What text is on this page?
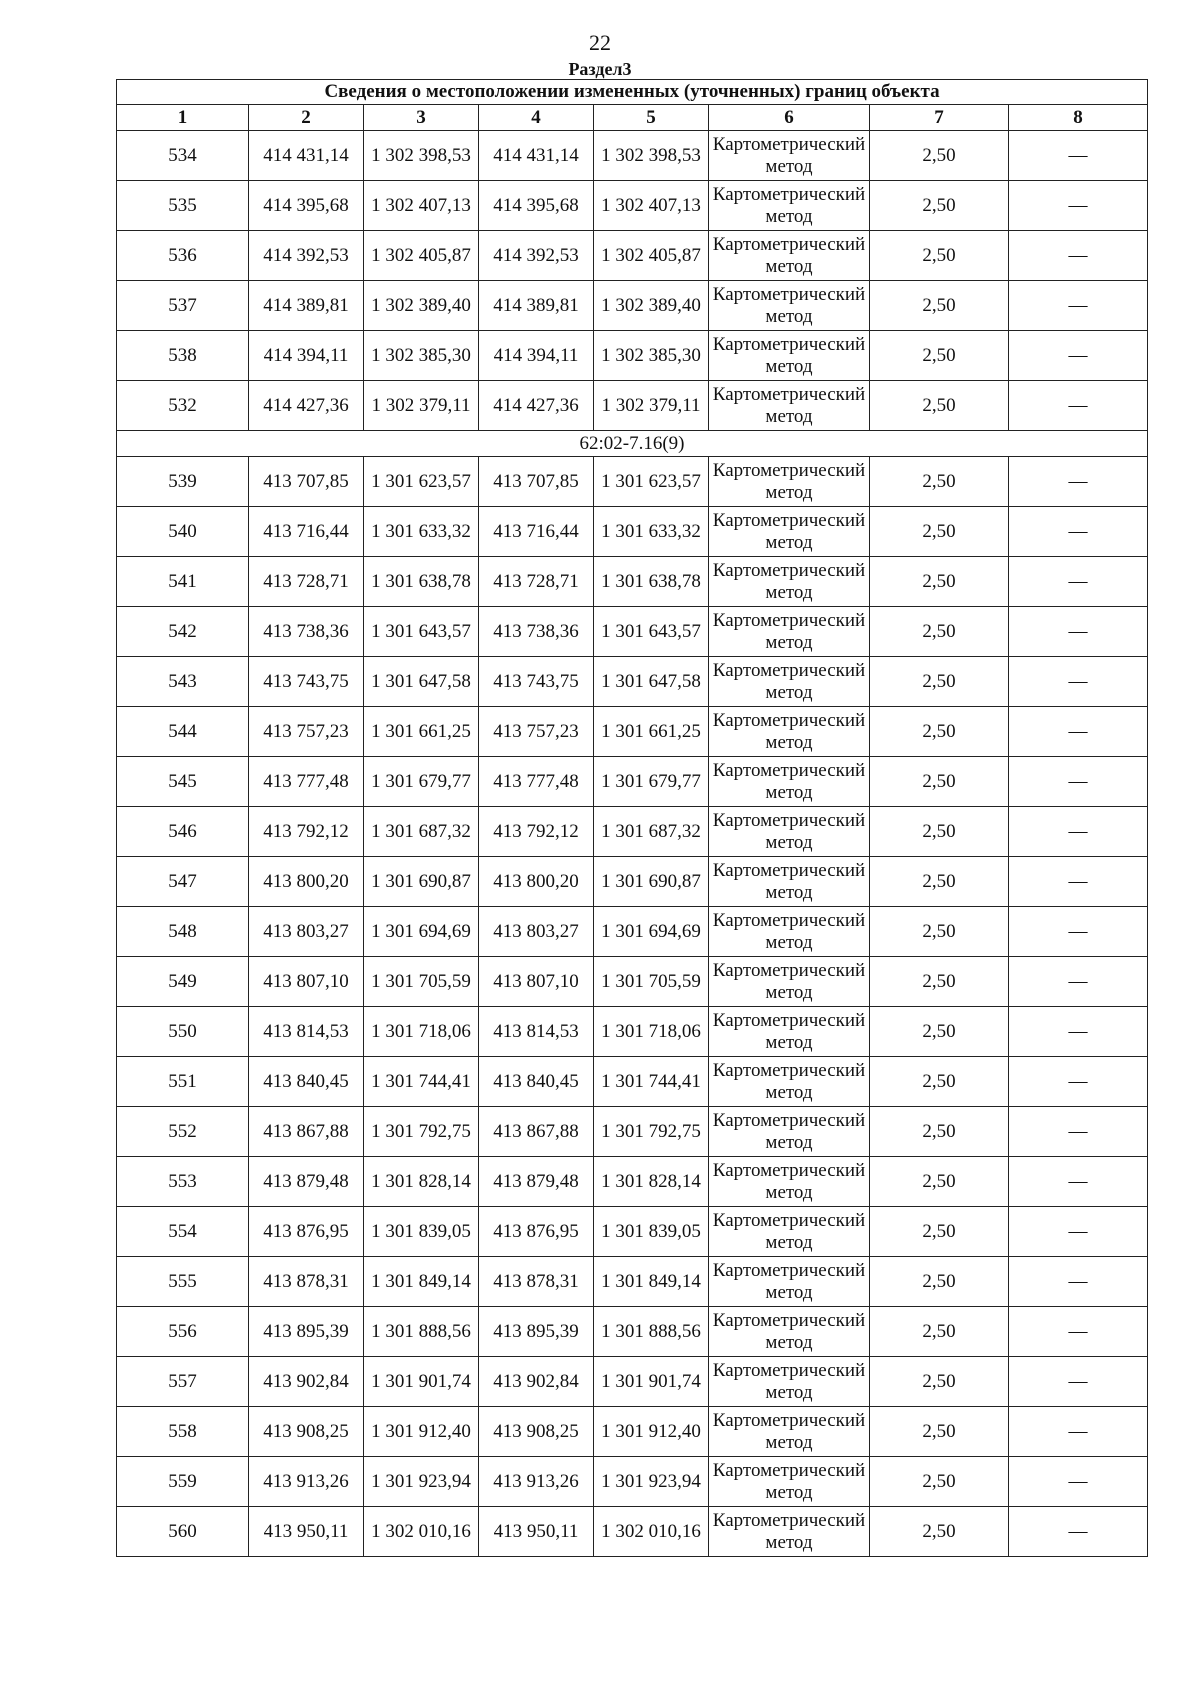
22
Раздел3
Сведения о местоположении измененных (уточненных) границ объекта							
1	2	3	4	5	6	7	8
534	414 431,14	1 302 398,53	414 431,14	1 302 398,53	Картометрический метод	2,50	—
535	414 395,68	1 302 407,13	414 395,68	1 302 407,13	Картометрический метод	2,50	—
536	414 392,53	1 302 405,87	414 392,53	1 302 405,87	Картометрический метод	2,50	—
537	414 389,81	1 302 389,40	414 389,81	1 302 389,40	Картометрический метод	2,50	—
538	414 394,11	1 302 385,30	414 394,11	1 302 385,30	Картометрический метод	2,50	—
532	414 427,36	1 302 379,11	414 427,36	1 302 379,11	Картометрический метод	2,50	—
62:02-7.16(9)							
539	413 707,85	1 301 623,57	413 707,85	1 301 623,57	Картометрический метод	2,50	—
540	413 716,44	1 301 633,32	413 716,44	1 301 633,32	Картометрический метод	2,50	—
541	413 728,71	1 301 638,78	413 728,71	1 301 638,78	Картометрический метод	2,50	—
542	413 738,36	1 301 643,57	413 738,36	1 301 643,57	Картометрический метод	2,50	—
543	413 743,75	1 301 647,58	413 743,75	1 301 647,58	Картометрический метод	2,50	—
544	413 757,23	1 301 661,25	413 757,23	1 301 661,25	Картометрический метод	2,50	—
545	413 777,48	1 301 679,77	413 777,48	1 301 679,77	Картометрический метод	2,50	—
546	413 792,12	1 301 687,32	413 792,12	1 301 687,32	Картометрический метод	2,50	—
547	413 800,20	1 301 690,87	413 800,20	1 301 690,87	Картометрический метод	2,50	—
548	413 803,27	1 301 694,69	413 803,27	1 301 694,69	Картометрический метод	2,50	—
549	413 807,10	1 301 705,59	413 807,10	1 301 705,59	Картометрический метод	2,50	—
550	413 814,53	1 301 718,06	413 814,53	1 301 718,06	Картометрический метод	2,50	—
551	413 840,45	1 301 744,41	413 840,45	1 301 744,41	Картометрический метод	2,50	—
552	413 867,88	1 301 792,75	413 867,88	1 301 792,75	Картометрический метод	2,50	—
553	413 879,48	1 301 828,14	413 879,48	1 301 828,14	Картометрический метод	2,50	—
554	413 876,95	1 301 839,05	413 876,95	1 301 839,05	Картометрический метод	2,50	—
555	413 878,31	1 301 849,14	413 878,31	1 301 849,14	Картометрический метод	2,50	—
556	413 895,39	1 301 888,56	413 895,39	1 301 888,56	Картометрический метод	2,50	—
557	413 902,84	1 301 901,74	413 902,84	1 301 901,74	Картометрический метод	2,50	—
558	413 908,25	1 301 912,40	413 908,25	1 301 912,40	Картометрический метод	2,50	—
559	413 913,26	1 301 923,94	413 913,26	1 301 923,94	Картометрический метод	2,50	—
560	413 950,11	1 302 010,16	413 950,11	1 302 010,16	Картометрический метод	2,50	—
